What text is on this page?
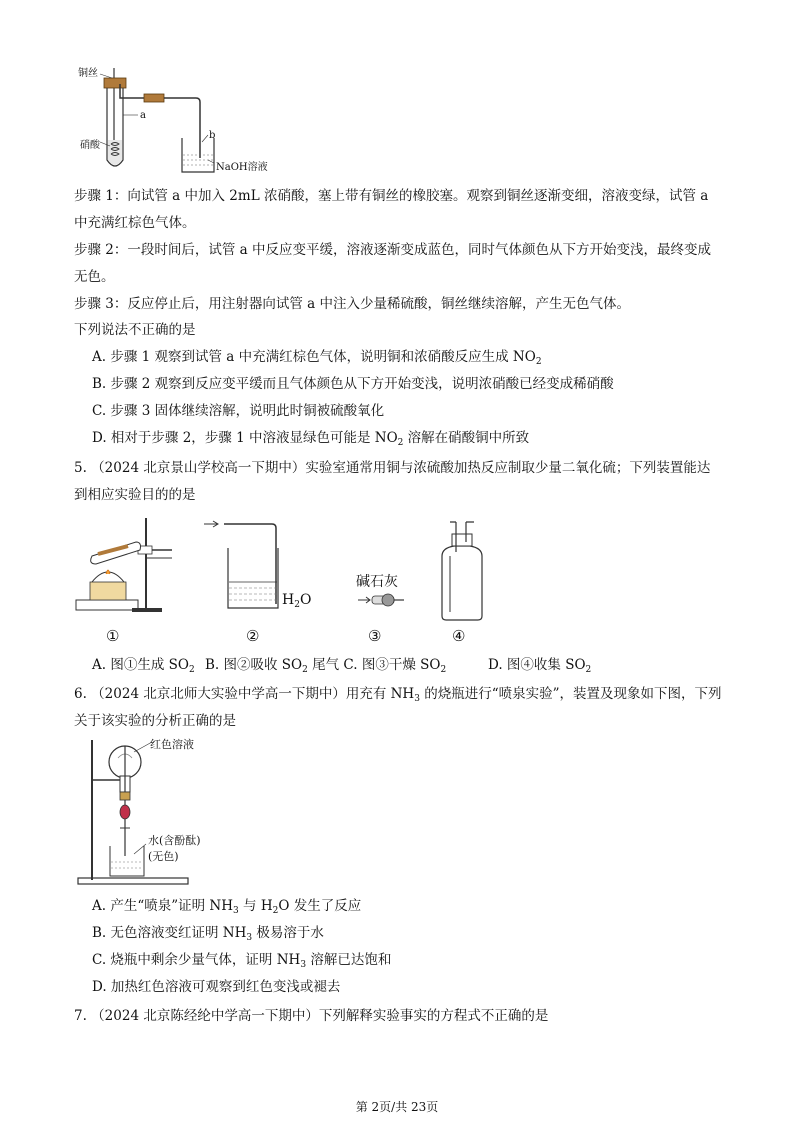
铜丝
a
b
硝酸
NaOH溶液
步骤 1：向试管 a 中加入 2mL 浓硝酸，塞上带有铜丝的橡胶塞。观察到铜丝逐渐变细，溶液变绿，试管 a
中充满红棕色气体。
步骤 2：一段时间后，试管 a 中反应变平缓，溶液逐渐变成蓝色，同时气体颜色从下方开始变浅，最终变成
无色。
步骤 3：反应停止后，用注射器向试管 a 中注入少量稀硫酸，铜丝继续溶解，产生无色气体。
下列说法不正确的是
A. 步骤 1 观察到试管 a 中充满红棕色气体，说明铜和浓硝酸反应生成 $NO_2$
B. 步骤 2 观察到反应变平缓而且气体颜色从下方开始变浅，说明浓硝酸已经变成稀硝酸
C. 步骤 3 固体继续溶解，说明此时铜被硫酸氧化
D. 相对于步骤 2，步骤 1 中溶液显绿色可能是 $NO_2$ 溶解在硝酸铜中所致
5. （2024 北京景山学校高一下期中）实验室通常用铜与浓硫酸加热反应制取少量二氧化硫；下列装置能达
到相应实验目的的是
$H_2O$
碱石灰
①	②	③	④
A. 图①生成 $SO_2$ B. 图②吸收 $SO_2$ 尾气 C. 图③干燥 $SO_2$	D. 图④收集 $SO_2$
6. （2024 北京北师大实验中学高一下期中）用充有 $NH_3$ 的烧瓶进行“喷泉实验”，装置及现象如下图，下列
关于该实验的分析正确的是
红色溶液
水(含酚酞)
(无色)
A. 产生“喷泉”证明 $NH_3$ 与 $H_2O$ 发生了反应
B. 无色溶液变红证明 $NH_3$ 极易溶于水
C. 烧瓶中剩余少量气体，证明 $NH_3$ 溶解已达饱和
D. 加热红色溶液可观察到红色变浅或褪去
7. （2024 北京陈经纶中学高一下期中）下列解释实验事实的方程式不正确的是
第 2页/共 23页
